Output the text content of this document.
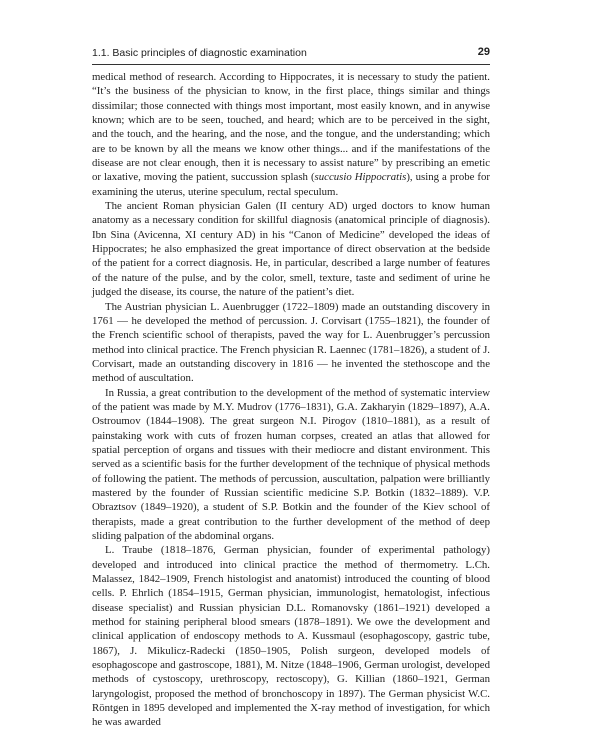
1.1. Basic principles of diagnostic examination	29

medical method of research. According to Hippocrates, it is necessary to study the patient. “It’s the business of the physician to know, in the first place, things similar and things dissimilar; those connected with things most important, most easily known, and in anywise known; which are to be seen, touched, and heard; which are to be perceived in the sight, and the touch, and the hearing, and the nose, and the tongue, and the understanding; which are to be known by all the means we know other things... and if the manifestations of the disease are not clear enough, then it is necessary to assist nature” by prescribing an emetic or laxative, moving the patient, succussion splash (succusio Hippocratis), using a probe for examining the uterus, uterine speculum, rectal speculum.

The ancient Roman physician Galen (II century AD) urged doctors to know human anatomy as a necessary condition for skillful diagnosis (anatomical principle of diagnosis). Ibn Sina (Avicenna, XI century AD) in his “Canon of Medicine” developed the ideas of Hippocrates; he also emphasized the great importance of direct observation at the bedside of the patient for a correct diagnosis. He, in particular, described a large number of features of the nature of the pulse, and by the color, smell, texture, taste and sediment of urine he judged the disease, its course, the nature of the patient’s diet.

The Austrian physician L. Auenbrugger (1722–1809) made an outstanding discovery in 1761 — he developed the method of percussion. J. Corvisart (1755–1821), the founder of the French scientific school of therapists, paved the way for L. Auenbrugger’s percussion method into clinical practice. The French physician R. Laennec (1781–1826), a student of J. Corvisart, made an outstanding discovery in 1816 — he invented the stethoscope and the method of auscultation.

In Russia, a great contribution to the development of the method of systematic interview of the patient was made by M.Y. Mudrov (1776–1831), G.A. Zakharyin (1829–1897), A.A. Ostroumov (1844–1908). The great surgeon N.I. Pirogov (1810–1881), as a result of painstaking work with cuts of frozen human corpses, created an atlas that allowed for spatial perception of organs and tissues with their mediocre and distant environment. This served as a scientific basis for the further development of the technique of physical methods of following the patient. The methods of percussion, auscultation, palpation were brilliantly mastered by the founder of Russian scientific medicine S.P. Botkin (1832–1889). V.P. Obraztsov (1849–1920), a student of S.P. Botkin and the founder of the Kiev school of therapists, made a great contribution to the further development of the method of deep sliding palpation of the abdominal organs.

L. Traube (1818–1876, German physician, founder of experimental pathology) developed and introduced into clinical practice the method of thermometry. L.Ch. Malassez, 1842–1909, French histologist and anatomist) introduced the counting of blood cells. P. Ehrlich (1854–1915, German physician, immunologist, hematologist, infectious disease specialist) and Russian physician D.L. Romanovsky (1861–1921) developed a method for staining peripheral blood smears (1878–1891). We owe the development and clinical application of endoscopy methods to A. Kussmaul (esophagoscopy, gastric tube, 1867), J. Mikulicz-Radecki (1850–1905, Polish surgeon, developed models of esophagoscope and gastroscope, 1881), M. Nitze (1848–1906, German urologist, developed methods of cystoscopy, urethroscopy, rectoscopy), G. Killian (1860–1921, German laryngologist, proposed the method of bronchoscopy in 1897). The German physicist W.C. Röntgen in 1895 developed and implemented the X-ray method of investigation, for which he was awarded
